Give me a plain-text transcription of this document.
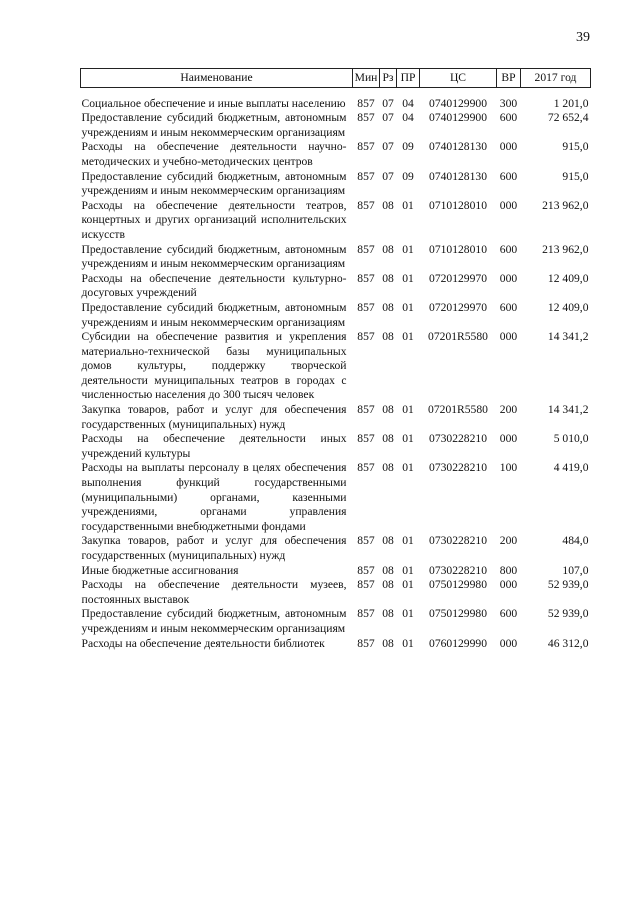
39
Наименование	Мин	Рз	ПР	ЦС	ВР	2017 год
Социальное обеспечение и иные выплаты населению	857	07	04	0740129900	300	1 201,0
Предоставление субсидий бюджетным, автономным учреждениям и иным некоммерческим организациям	857	07	04	0740129900	600	72 652,4
Расходы на обеспечение деятельности научно-методических и учебно-методических центров	857	07	09	0740128130	000	915,0
Предоставление субсидий бюджетным, автономным учреждениям и иным некоммерческим организациям	857	07	09	0740128130	600	915,0
Расходы на обеспечение деятельности театров, концертных и других организаций исполнительских искусств	857	08	01	0710128010	000	213 962,0
Предоставление субсидий бюджетным, автономным учреждениям и иным некоммерческим организациям	857	08	01	0710128010	600	213 962,0
Расходы на обеспечение деятельности культурно-досуговых учреждений	857	08	01	0720129970	000	12 409,0
Предоставление субсидий бюджетным, автономным учреждениям и иным некоммерческим организациям	857	08	01	0720129970	600	12 409,0
Субсидии на обеспечение развития и укрепления материально-технической базы муниципальных домов культуры, поддержку творческой деятельности муниципальных театров в городах с численностью населения до 300 тысяч человек	857	08	01	07201R5580	000	14 341,2
Закупка товаров, работ и услуг для обеспечения государственных (муниципальных) нужд	857	08	01	07201R5580	200	14 341,2
Расходы на обеспечение деятельности иных учреждений культуры	857	08	01	0730228210	000	5 010,0
Расходы на выплаты персоналу в целях обеспечения выполнения функций государственными (муниципальными) органами, казенными учреждениями, органами управления государственными внебюджетными фондами	857	08	01	0730228210	100	4 419,0
Закупка товаров, работ и услуг для обеспечения государственных (муниципальных) нужд	857	08	01	0730228210	200	484,0
Иные бюджетные ассигнования	857	08	01	0730228210	800	107,0
Расходы на обеспечение деятельности музеев, постоянных выставок	857	08	01	0750129980	000	52 939,0
Предоставление субсидий бюджетным, автономным учреждениям и иным некоммерческим организациям	857	08	01	0750129980	600	52 939,0
Расходы на обеспечение деятельности библиотек	857	08	01	0760129990	000	46 312,0
